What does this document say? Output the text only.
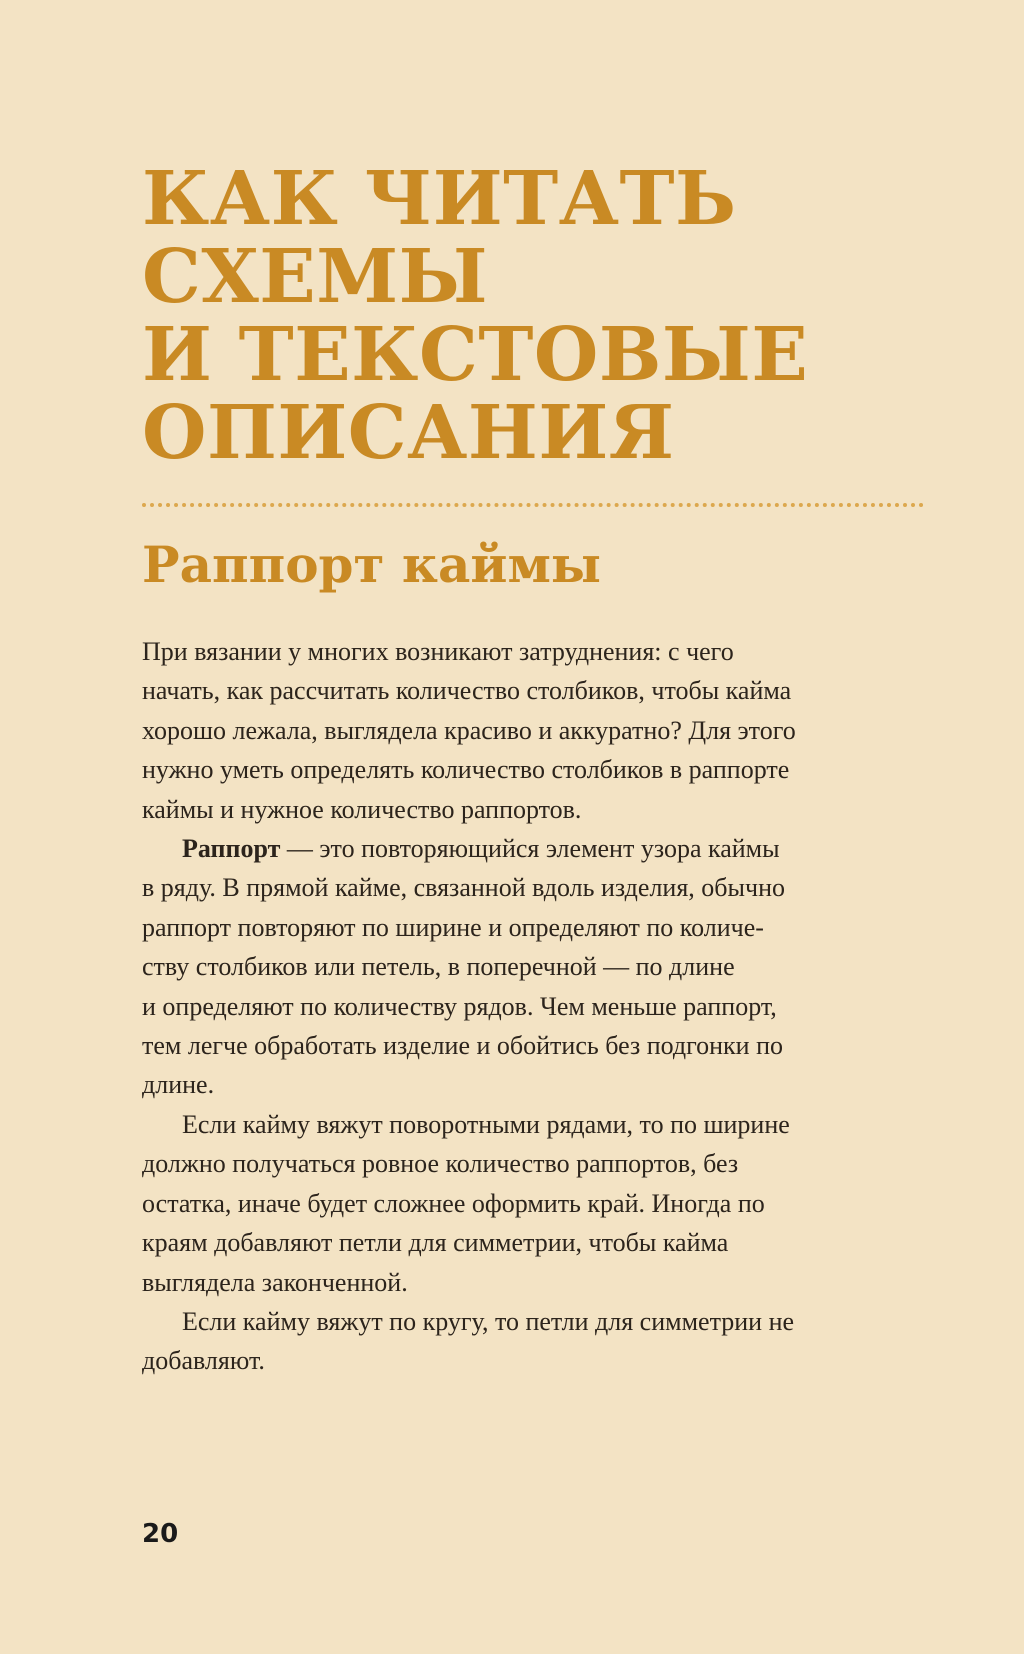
КАК ЧИТАТЬ
СХЕМЫ
И ТЕКСТОВЫЕ
ОПИСАНИЯ
Раппорт каймы

При вязании у многих возникают затруднения: с чего
начать, как рассчитать количество столбиков, чтобы кайма
хорошо лежала, выглядела красиво и аккуратно? Для этого
нужно уметь определять количество столбиков в раппорте
каймы и нужное количество раппортов.

Раппорт — это повторяющийся элемент узора каймы
в ряду. В прямой кайме, связанной вдоль изделия, обычно
раппорт повторяют по ширине и определяют по количе-
ству столбиков или петель, в поперечной — по длине
и определяют по количеству рядов. Чем меньше раппорт,
тем легче обработать изделие и обойтись без подгонки по
длине.

Если кайму вяжут поворотными рядами, то по ширине
должно получаться ровное количество раппортов, без
остатка, иначе будет сложнее оформить край. Иногда по
краям добавляют петли для симметрии, чтобы кайма
выглядела законченной.

Если кайму вяжут по кругу, то петли для симметрии не
добавляют.

20
